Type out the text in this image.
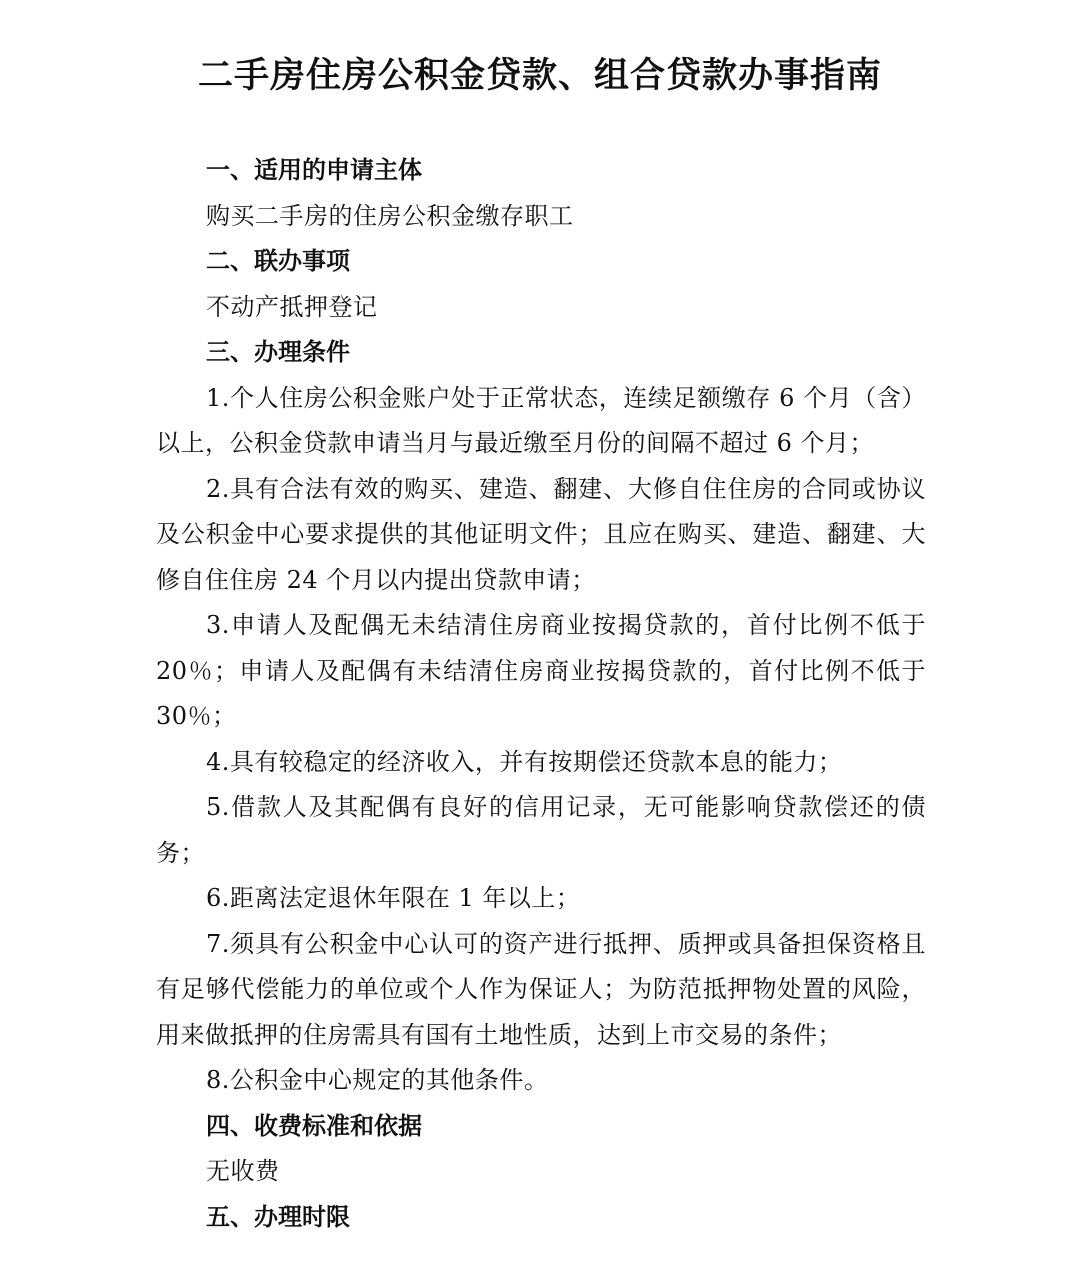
二手房住房公积金贷款、组合贷款办事指南

一、适用的申请主体

购买二手房的住房公积金缴存职工

二、联办事项

不动产抵押登记

三、办理条件

1.个人住房公积金账户处于正常状态，连续足额缴存 6 个月（含）以上，公积金贷款申请当月与最近缴至月份的间隔不超过 6 个月；

2.具有合法有效的购买、建造、翻建、大修自住住房的合同或协议及公积金中心要求提供的其他证明文件；且应在购买、建造、翻建、大修自住住房 24 个月以内提出贷款申请；

3.申请人及配偶无未结清住房商业按揭贷款的，首付比例不低于 20％；申请人及配偶有未结清住房商业按揭贷款的，首付比例不低于 30％；

4.具有较稳定的经济收入，并有按期偿还贷款本息的能力；

5.借款人及其配偶有良好的信用记录，无可能影响贷款偿还的债务；

6.距离法定退休年限在 1 年以上；

7.须具有公积金中心认可的资产进行抵押、质押或具备担保资格且有足够代偿能力的单位或个人作为保证人；为防范抵押物处置的风险，用来做抵押的住房需具有国有土地性质，达到上市交易的条件；

8.公积金中心规定的其他条件。

四、收费标准和依据

无收费

五、办理时限
